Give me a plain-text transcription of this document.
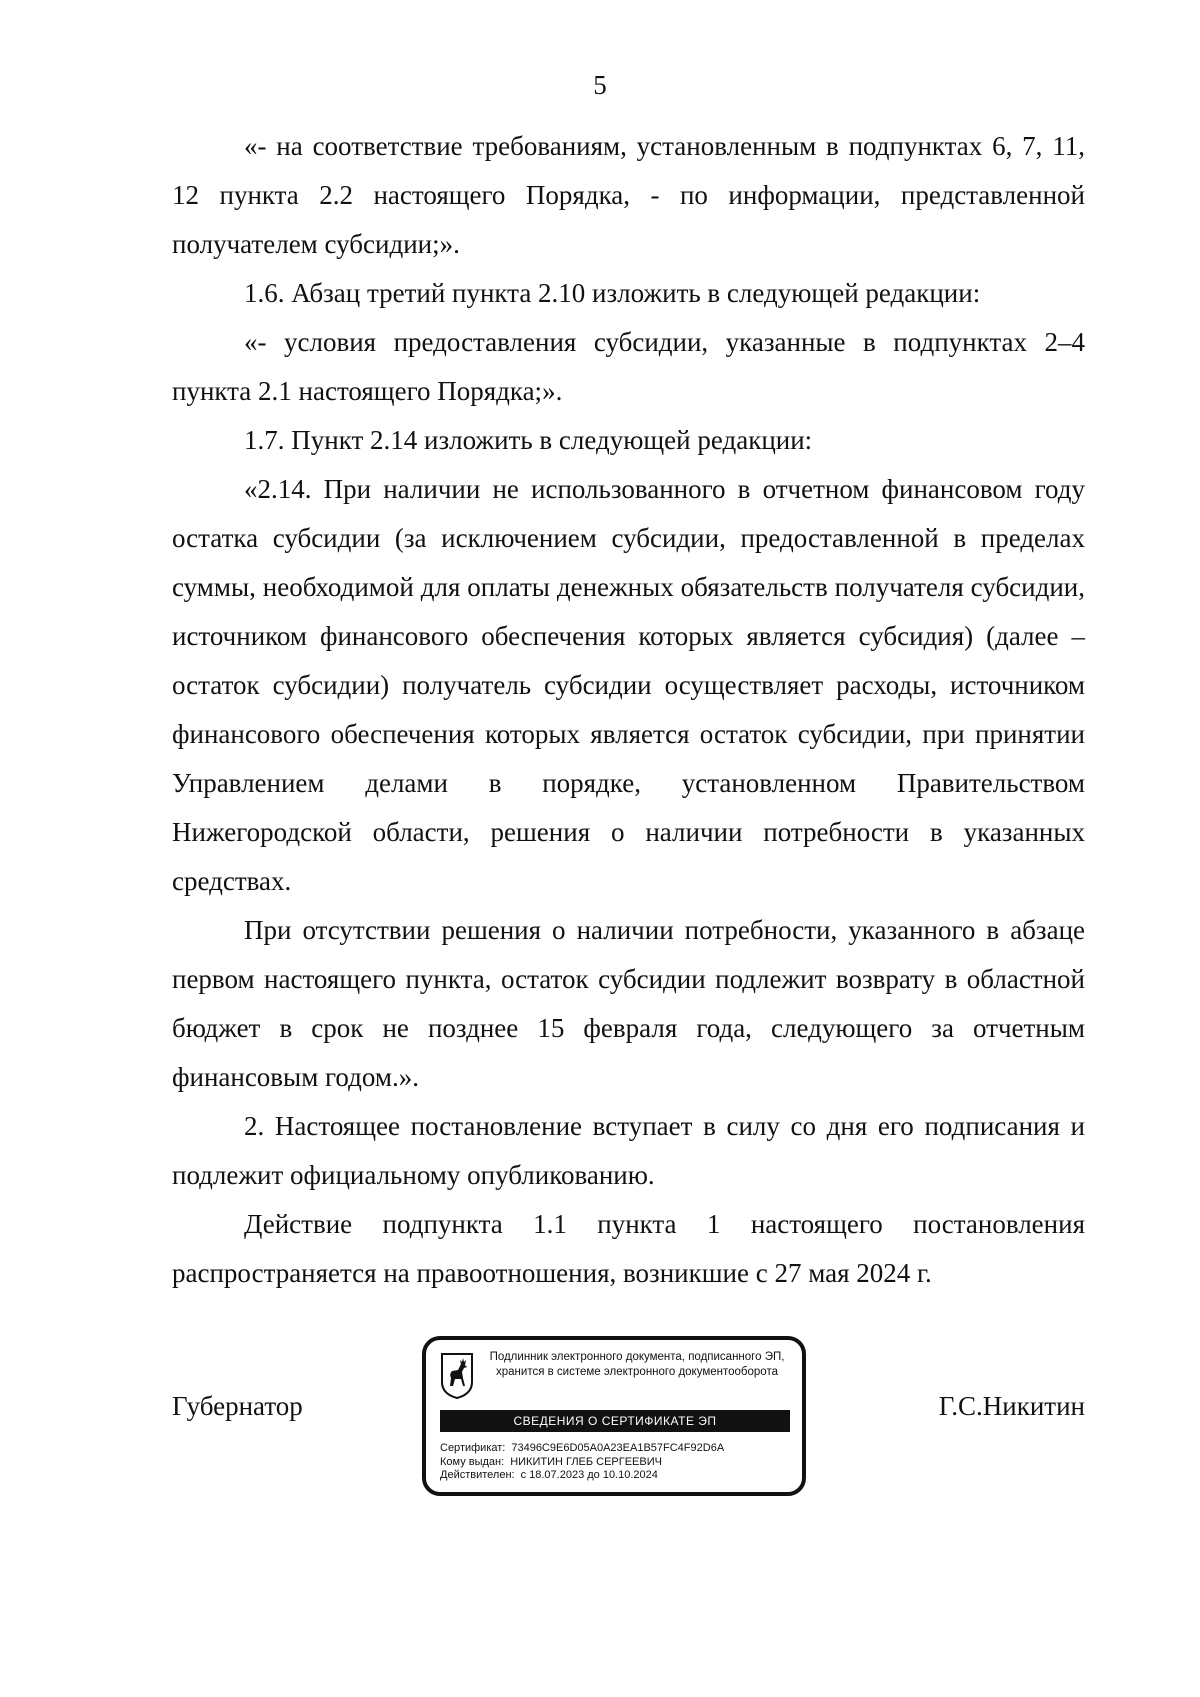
5

«- на соответствие требованиям, установленным в подпунктах 6, 7, 11, 12 пункта 2.2 настоящего Порядка, - по информации, представленной получателем субсидии;».

1.6. Абзац третий пункта 2.10 изложить в следующей редакции:

«- условия предоставления субсидии, указанные в подпунктах 2–4 пункта 2.1 настоящего Порядка;».

1.7. Пункт 2.14 изложить в следующей редакции:

«2.14. При наличии не использованного в отчетном финансовом году остатка субсидии (за исключением субсидии, предоставленной в пределах суммы, необходимой для оплаты денежных обязательств получателя субсидии, источником финансового обеспечения которых является субсидия) (далее – остаток субсидии) получатель субсидии осуществляет расходы, источником финансового обеспечения которых является остаток субсидии, при принятии Управлением делами в порядке, установленном Правительством Нижегородской области, решения о наличии потребности в указанных средствах.

При отсутствии решения о наличии потребности, указанного в абзаце первом настоящего пункта, остаток субсидии подлежит возврату в областной бюджет в срок не позднее 15 февраля года, следующего за отчетным финансовым годом.».

2. Настоящее постановление вступает в силу со дня его подписания и подлежит официальному опубликованию.

Действие подпункта 1.1 пункта 1 настоящего постановления распространяется на правоотношения, возникшие с 27 мая 2024 г.

Губернатор
Подлинник электронного документа, подписанного ЭП,
хранится в системе электронного документооборота
СВЕДЕНИЯ О СЕРТИФИКАТЕ ЭП
Сертификат: 73496C9E6D05A0A23EA1B57FC4F92D6A
Кому выдан: НИКИТИН ГЛЕБ СЕРГЕЕВИЧ
Действителен: с 18.07.2023 до 10.10.2024
Г.С.Никитин
